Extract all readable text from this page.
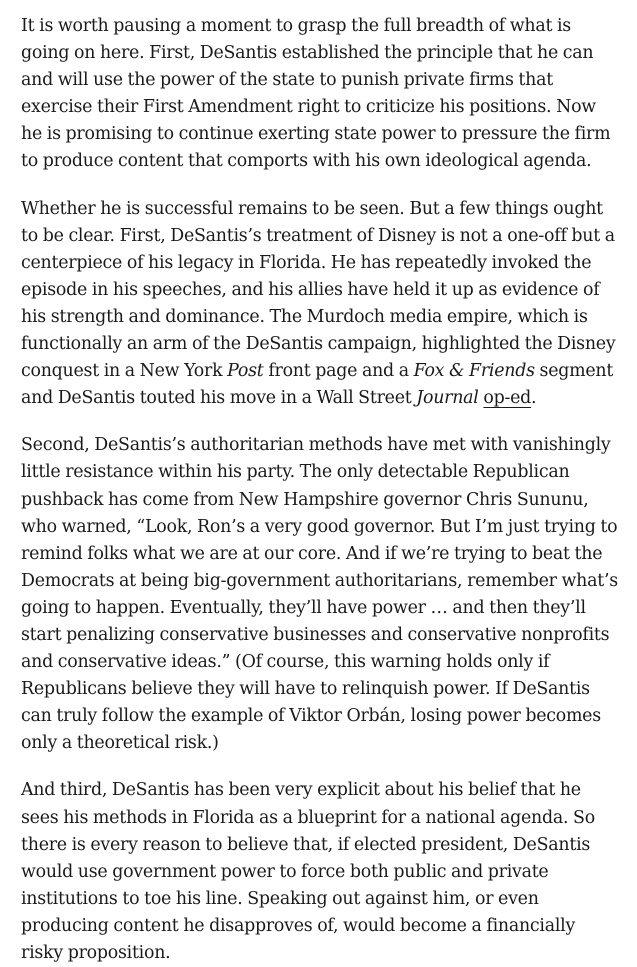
It is worth pausing a moment to grasp the full breadth of what is going on here. First, DeSantis established the principle that he can and will use the power of the state to punish private firms that exercise their First Amendment right to criticize his positions. Now he is promising to continue exerting state power to pressure the firm to produce content that comports with his own ideological agenda.

Whether he is successful remains to be seen. But a few things ought to be clear. First, DeSantis’s treatment of Disney is not a one-off but a centerpiece of his legacy in Florida. He has repeatedly invoked the episode in his speeches, and his allies have held it up as evidence of his strength and dominance. The Murdoch media empire, which is functionally an arm of the DeSantis campaign, highlighted the Disney conquest in a New York Post front page and a Fox & Friends segment and DeSantis touted his move in a Wall Street Journal op-ed.

Second, DeSantis’s authoritarian methods have met with vanishingly little resistance within his party. The only detectable Republican pushback has come from New Hampshire governor Chris Sununu, who warned, “Look, Ron’s a very good governor. But I’m just trying to remind folks what we are at our core. And if we’re trying to beat the Democrats at being big-government authoritarians, remember what’s going to happen. Eventually, they’ll have power … and then they’ll start penalizing conservative businesses and conservative nonprofits and conservative ideas.” (Of course, this warning holds only if Republicans believe they will have to relinquish power. If DeSantis can truly follow the example of Viktor Orbán, losing power becomes only a theoretical risk.)

And third, DeSantis has been very explicit about his belief that he sees his methods in Florida as a blueprint for a national agenda. So there is every reason to believe that, if elected president, DeSantis would use government power to force both public and private institutions to toe his line. Speaking out against him, or even producing content he disapproves of, would become a financially risky proposition.
